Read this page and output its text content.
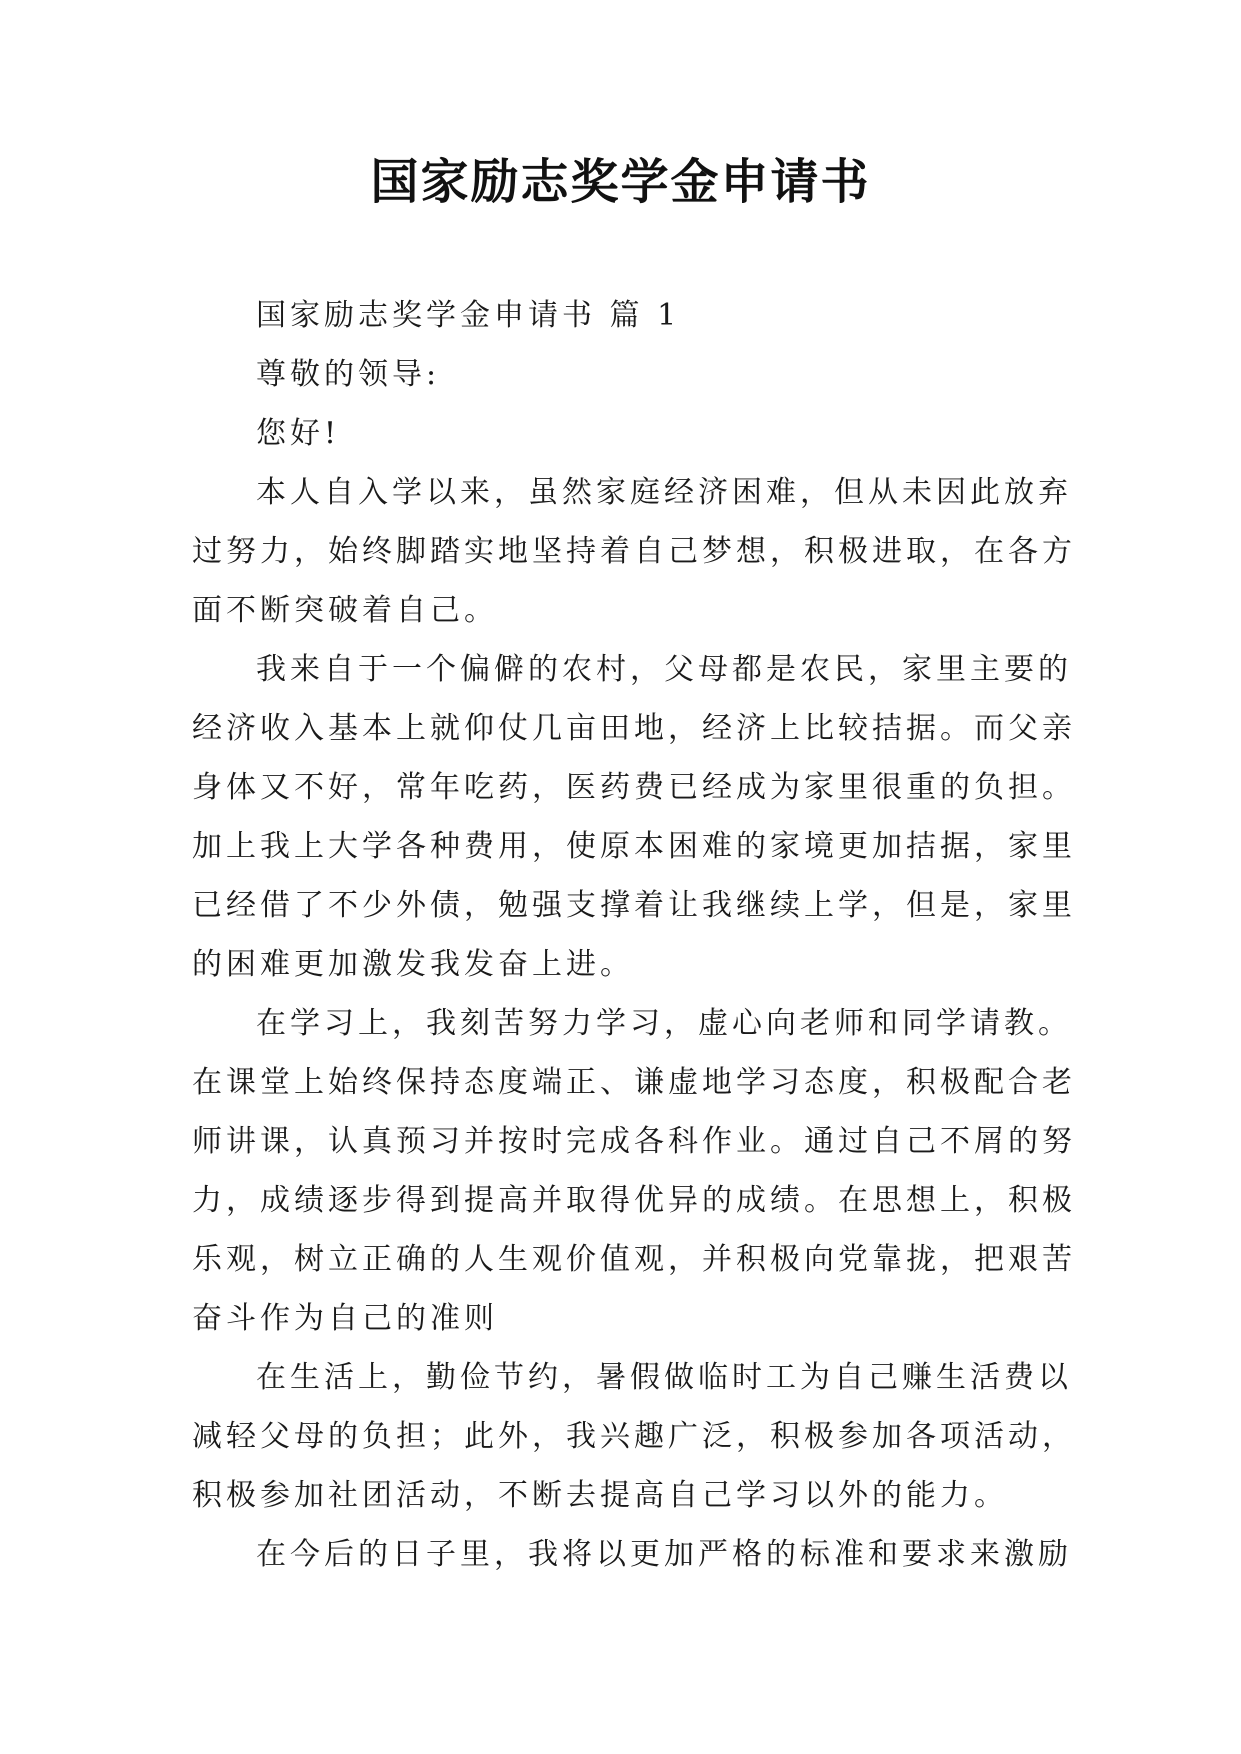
国家励志奖学金申请书
国家励志奖学金申请书 篇 1
尊敬的领导:
您好!
本人自入学以来，虽然家庭经济困难，但从未因此放弃
过努力，始终脚踏实地坚持着自己梦想，积极进取，在各方
面不断突破着自己。
我来自于一个偏僻的农村，父母都是农民，家里主要的
经济收入基本上就仰仗几亩田地，经济上比较拮据。而父亲
身体又不好，常年吃药，医药费已经成为家里很重的负担。
加上我上大学各种费用，使原本困难的家境更加拮据，家里
已经借了不少外债，勉强支撑着让我继续上学，但是，家里
的困难更加激发我发奋上进。
在学习上，我刻苦努力学习，虚心向老师和同学请教。
在课堂上始终保持态度端正、谦虚地学习态度，积极配合老
师讲课，认真预习并按时完成各科作业。通过自己不屑的努
力，成绩逐步得到提高并取得优异的成绩。在思想上，积极
乐观，树立正确的人生观价值观，并积极向党靠拢，把艰苦
奋斗作为自己的准则
在生活上，勤俭节约，暑假做临时工为自己赚生活费以
减轻父母的负担；此外，我兴趣广泛，积极参加各项活动，
积极参加社团活动，不断去提高自己学习以外的能力。
在今后的日子里，我将以更加严格的标准和要求来激励
